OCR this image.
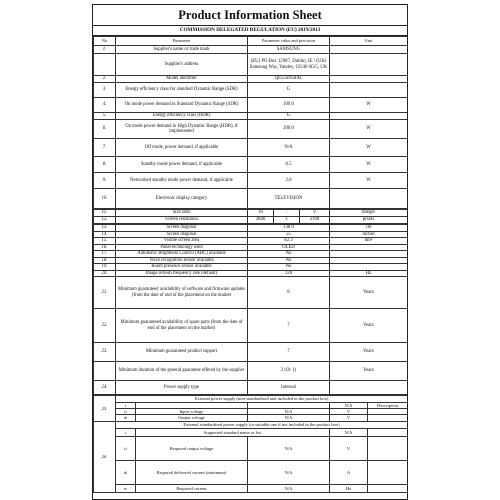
Product Information Sheet
COMMISSION DELEGATED REGULATION (EU) 2019/2013
No	Parameter	Parameter value and precision	Unit
1.	Supplier's name or trade mark	SAMSUNG	
	Supplier's address	(EU) PO Box 12987, Dublin, IE / (UK) Samsung Way, Yateley, GU46 6GG, UK	
2.	Model identifier	QE55S95BAT	
3.	Energy efficiency class for standard Dynamic Range (SDR)	G	
4.	On mode power demand in Standard Dynamic Range (SDR)	109.0	W
5.	Energy efficiency class (HDR)	G	
6.	On mode power demand in High Dynamic Range (HDR), if implemented	200.0	W
7.	Off mode, power demand, if applicable	N/A	W
8.	Standby mode power demand, if applicable	0.5	W
9.	Networked standby mode power demand, if applicable	2.0	W
10.	Electronic display category	TELEVISION	
11.	Size ratio	16	:	9	integer
12.	Screen resolution	3840	x	2160	pixels
13.	Screen diagonal	138.0	cm
14.	Screen diagonal	55	inches
15.	Visible screen area	82.3	dm²
16.	Panel technology used	OLED	
17.	Automatic Brightness Control (ABC) available	No	
18.	Voice recognition sensor available	No	
19.	Room presence sensor available	No	
20.	Image refresh frequency rate (default)	120	Hz
21.	Minimum guaranteed availability of software and firmware updates (from the date of end of the placement on the market	8	Years
22.	Minimum guaranteed availability of spare parts (from the date of end of the placement on the market)	7	Years
23.	Minimum guaranteed product support	7	Years
	Minimum duration of the general guarantee offered by the supplier	2 (Or 1)	Years
24.	Power supply type	Internal	
25.	External power supply (non-standardised and included in the product box)				
	i			N/A	Description
	ii	Input voltage	N/A	V	
	iii	Output voltage	N/A	V	
26.	External standardised power supply (or suitable one if not included in the product box)				
	i	Supported standard name or list		N/A	
	ii	Required output voltage	N/A	V	
	iii	Required delivered current (minimum)	N/A	A	
	iv	Required current	N/A	Hz	
